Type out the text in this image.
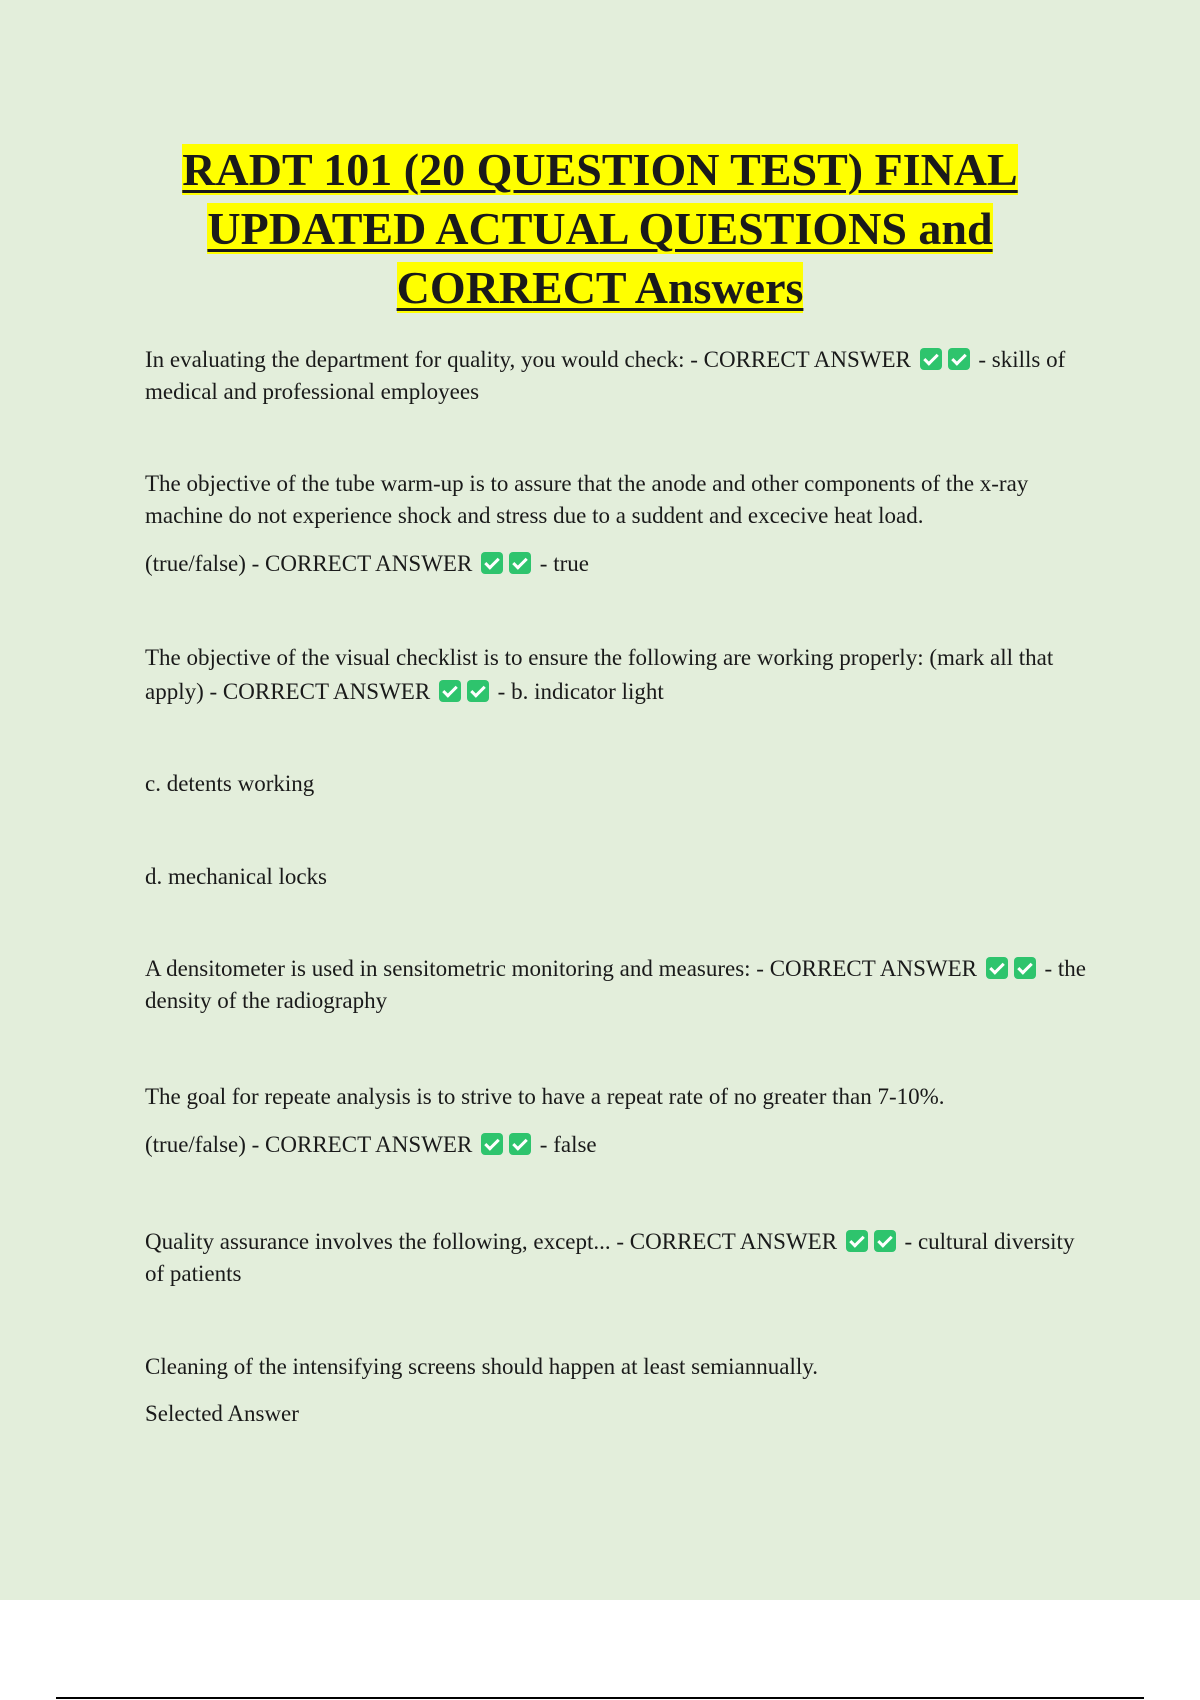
RADT 101 (20 QUESTION TEST) FINAL
UPDATED ACTUAL QUESTIONS and
CORRECT Answers
In evaluating the department for quality, you would check: - CORRECT ANSWER	- skills of medical and professional employees
The objective of the tube warm-up is to assure that the anode and other components of the x-ray machine do not experience shock and stress due to a suddent and excecive heat load.
(true/false) - CORRECT ANSWER	- true
The objective of the visual checklist is to ensure the following are working properly: (mark all that apply) - CORRECT ANSWER	- b. indicator light
c. detents working
d. mechanical locks
A densitometer is used in sensitometric monitoring and measures: - CORRECT ANSWER	- the density of the radiography
The goal for repeate analysis is to strive to have a repeat rate of no greater than 7-10%.
(true/false) - CORRECT ANSWER	- false
Quality assurance involves the following, except... - CORRECT ANSWER	- cultural diversity of patients
Cleaning of the intensifying screens should happen at least semiannually.
Selected Answer
